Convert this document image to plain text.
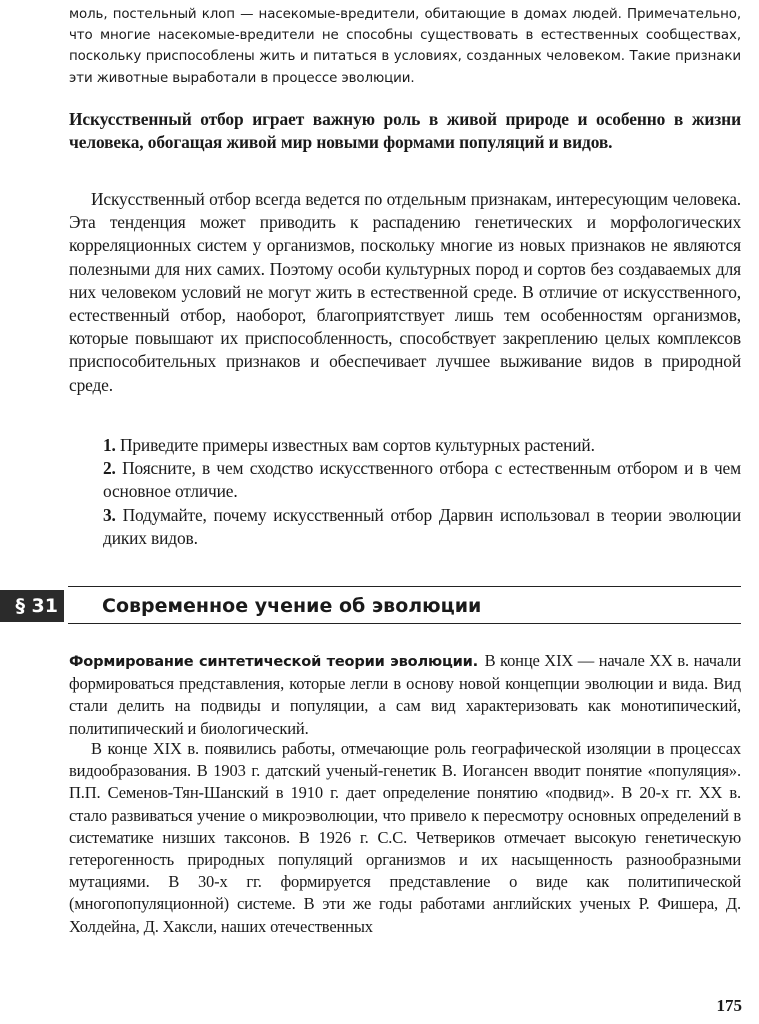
моль, постельный клоп — насекомые-вредители, обитающие в домах людей. Примечательно, что многие насекомые-вредители не способны существовать в естественных сообществах, поскольку приспособлены жить и питаться в условиях, созданных человеком. Такие признаки эти животные выработали в процессе эволюции.

Искусственный отбор играет важную роль в живой природе и особенно в жизни человека, обогащая живой мир новыми формами популяций и видов.

Искусственный отбор всегда ведется по отдельным признакам, интересующим человека. Эта тенденция может приводить к распадению генетических и морфологических корреляционных систем у организмов, поскольку многие из новых признаков не являются полезными для них самих. Поэтому особи культурных пород и сортов без создаваемых для них человеком условий не могут жить в естественной среде. В отличие от искусственного, естественный отбор, наоборот, благоприятствует лишь тем особенностям организмов, которые повышают их приспособленность, способствует закреплению целых комплексов приспособительных признаков и обеспечивает лучшее выживание видов в природной среде.

1. Приведите примеры известных вам сортов культурных растений.
2. Поясните, в чем сходство искусственного отбора с естественным отбором и в чем основное отличие.
3. Подумайте, почему искусственный отбор Дарвин использовал в теории эволюции диких видов.
§ 31	Современное учение об эволюции

Формирование синтетической теории эволюции. В конце XIX — начале XX в. начали формироваться представления, которые легли в основу новой концепции эволюции и вида. Вид стали делить на подвиды и популяции, а сам вид характеризовать как монотипический, политипический и биологический.

В конце XIX в. появились работы, отмечающие роль географической изоляции в процессах видообразования. В 1903 г. датский ученый-генетик В. Иогансен вводит понятие «популяция». П.П. Семенов-Тян-Шанский в 1910 г. дает определение понятию «подвид». В 20-х гг. XX в. стало развиваться учение о микроэволюции, что привело к пересмотру основных определений в систематике низших таксонов. В 1926 г. С.С. Четвериков отмечает высокую генетическую гетерогенность природных популяций организмов и их насыщенность разнообразными мутациями. В 30-х гг. формируется представление о виде как политипической (многопопуляционной) системе. В эти же годы работами английских ученых Р. Фишера, Д. Холдейна, Д. Хаксли, наших отечественных

175
